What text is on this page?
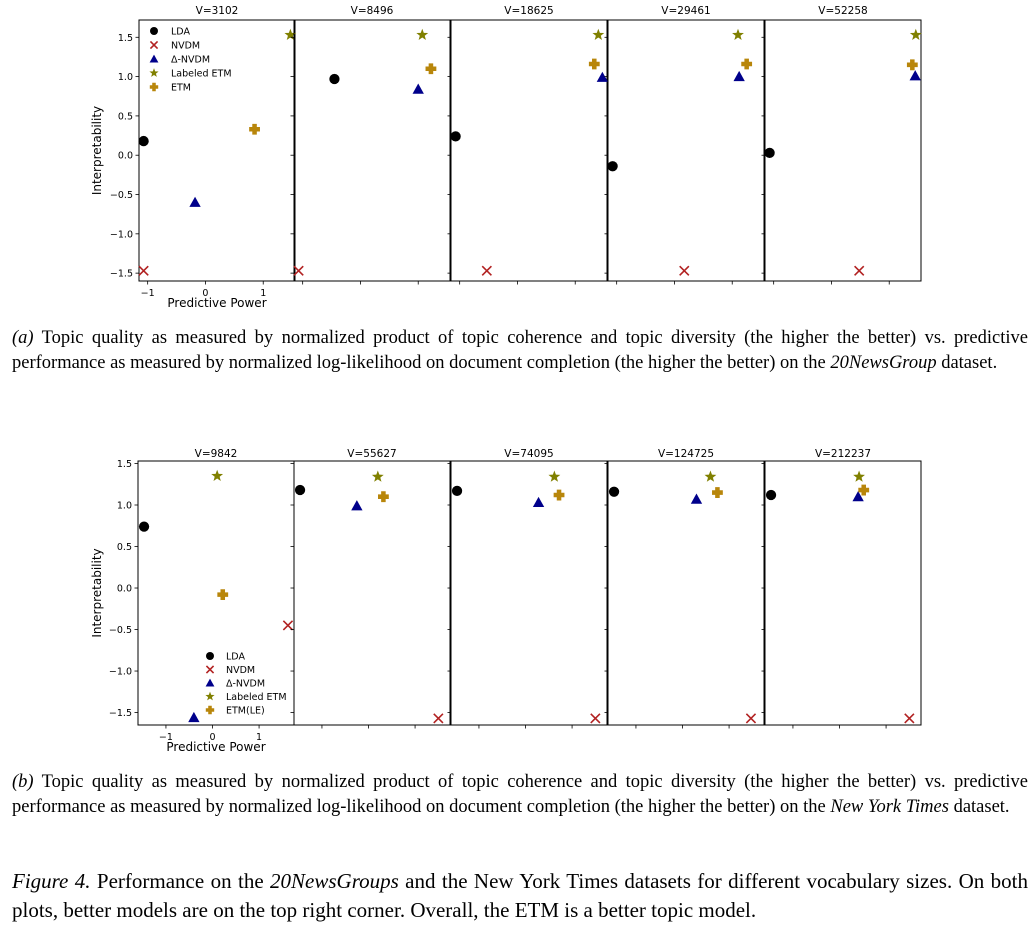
V=3102
1.5
1.0
0.5
0.0
−0.5
−1.0
−1.5
−1	0	1
V=8496	V=18625	V=29461	V=52258
Predictive Power
Interpretability
LDA
NVDM
Δ-NVDM
Labeled ETM
ETM
V=9842
1.5
1.0
0.5
0.0
−0.5
−1.0
−1.5
−1	0	1
V=55627	V=74095	V=124725	V=212237
Predictive Power
Interpretability
LDA
NVDM
Δ-NVDM
Labeled ETM
ETM(LE)
(a) Topic quality as measured by normalized product of topic coherence and topic diversity (the higher the better) vs. predictive performance as measured by normalized log-likelihood on document completion (the higher the better) on the 20NewsGroup dataset.
(b) Topic quality as measured by normalized product of topic coherence and topic diversity (the higher the better) vs. predictive performance as measured by normalized log-likelihood on document completion (the higher the better) on the New York Times dataset.
Figure 4. Performance on the 20NewsGroups and the New York Times datasets for different vocabulary sizes. On both plots, better models are on the top right corner. Overall, the ETM is a better topic model.
